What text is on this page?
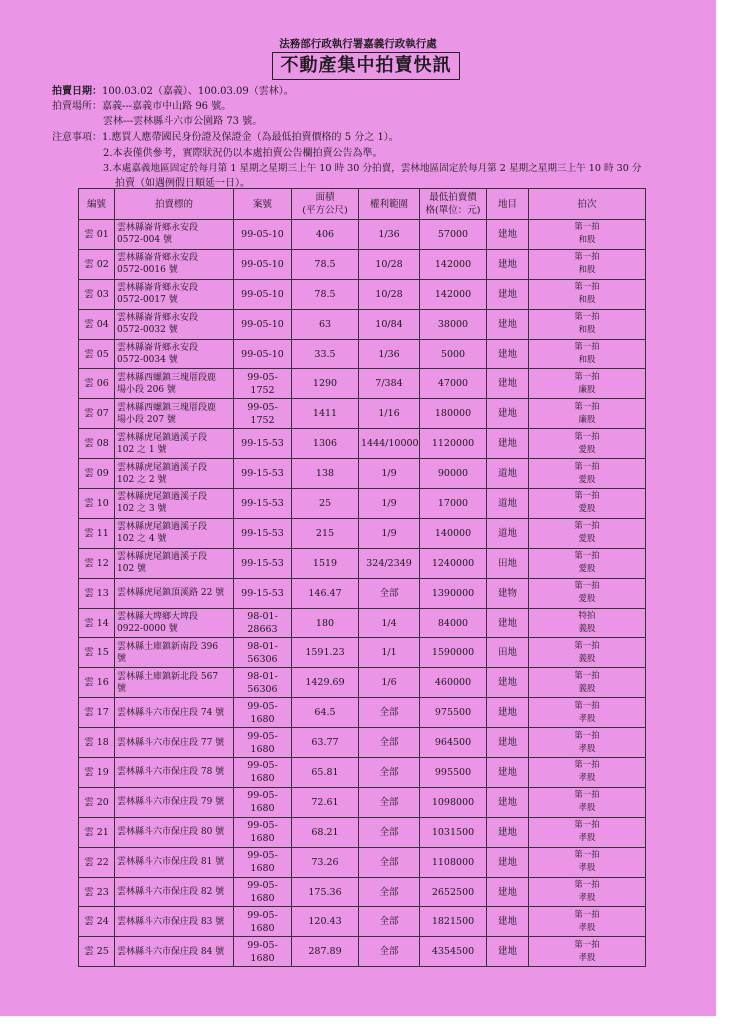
法務部行政執行署嘉義行政執行處
不動產集中拍賣快訊
拍賣日期：100.03.02（嘉義）、100.03.09（雲林）。
拍賣場所：嘉義---嘉義市中山路 96 號。
雲林---雲林縣斗六市公園路 73 號。
注意事項：1.應買人應帶國民身份證及保證金（為最低拍賣價格的 5 分之 1）。
2.本表僅供參考，實際狀況仍以本處拍賣公告欄拍賣公告為準。
3.本處嘉義地區固定於每月第 1 星期之星期三上午 10 時 30 分拍賣，雲林地區固定於每月第 2 星期之星期三上午 10 時 30 分
拍賣（如遇例假日順延一日）。
編號	拍賣標的	案號	面積
(平方公尺)	權利範圍	最低拍賣價
格(單位：元)	地目	拍次
雲 01	雲林縣崙背鄉永安段
0572-004 號	99-05-10	406	1/36	57000	建地	第一拍
和股

雲 02	雲林縣崙背鄉永安段
0572-0016 號	99-05-10	78.5	10/28	142000	建地	第一拍
和股

雲 03	雲林縣崙背鄉永安段
0572-0017 號	99-05-10	78.5	10/28	142000	建地	第一拍
和股

雲 04	雲林縣崙背鄉永安段
0572-0032 號	99-05-10	63	10/84	38000	建地	第一拍
和股

雲 05	雲林縣崙背鄉永安段
0572-0034 號	99-05-10	33.5	1/36	5000	建地	第一拍
和股

雲 06	雲林縣西螺鎮三塊厝段鹿
場小段 206 號	99-05-1752	1290	7/384	47000	建地	第一拍
廉股

雲 07	雲林縣西螺鎮三塊厝段鹿
場小段 207 號	99-05-1752	1411	1/16	180000	建地	第一拍
廉股

雲 08	雲林縣虎尾鎮過溪子段
102 之 1 號	99-15-53	1306	1444/10000	1120000	建地	第一拍
愛股

雲 09	雲林縣虎尾鎮過溪子段
102 之 2 號	99-15-53	138	1/9	90000	道地	第一拍
愛股

雲 10	雲林縣虎尾鎮過溪子段
102 之 3 號	99-15-53	25	1/9	17000	道地	第一拍
愛股

雲 11	雲林縣虎尾鎮過溪子段
102 之 4 號	99-15-53	215	1/9	140000	道地	第一拍
愛股

雲 12	雲林縣虎尾鎮過溪子段
102 號	99-15-53	1519	324/2349	1240000	田地	第一拍
愛股

雲 13	雲林縣虎尾鎮頂溪路 22 號	99-15-53	146.47	全部	1390000	建物	第一拍
愛股

雲 14	雲林縣大埤鄉大埤段
0922-0000 號	98-01-28663	180	1/4	84000	建地	特拍
義股

雲 15	雲林縣土庫鎮新南段 396
號	98-01-56306	1591.23	1/1	1590000	田地	第一拍
義股

雲 16	雲林縣土庫鎮新北段 567
號	98-01-56306	1429.69	1/6	460000	建地	第一拍
義股

雲 17	雲林縣斗六市保庄段 74 號	99-05-1680	64.5	全部	975500	建地	第一拍
孝股

雲 18	雲林縣斗六市保庄段 77 號	99-05-1680	63.77	全部	964500	建地	第一拍
孝股

雲 19	雲林縣斗六市保庄段 78 號	99-05-1680	65.81	全部	995500	建地	第一拍
孝股

雲 20	雲林縣斗六市保庄段 79 號	99-05-1680	72.61	全部	1098000	建地	第一拍
孝股

雲 21	雲林縣斗六市保庄段 80 號	99-05-1680	68.21	全部	1031500	建地	第一拍
孝股

雲 22	雲林縣斗六市保庄段 81 號	99-05-1680	73.26	全部	1108000	建地	第一拍
孝股

雲 23	雲林縣斗六市保庄段 82 號	99-05-1680	175.36	全部	2652500	建地	第一拍
孝股

雲 24	雲林縣斗六市保庄段 83 號	99-05-1680	120.43	全部	1821500	建地	第一拍
孝股

雲 25	雲林縣斗六市保庄段 84 號	99-05-1680	287.89	全部	4354500	建地	第一拍
孝股
